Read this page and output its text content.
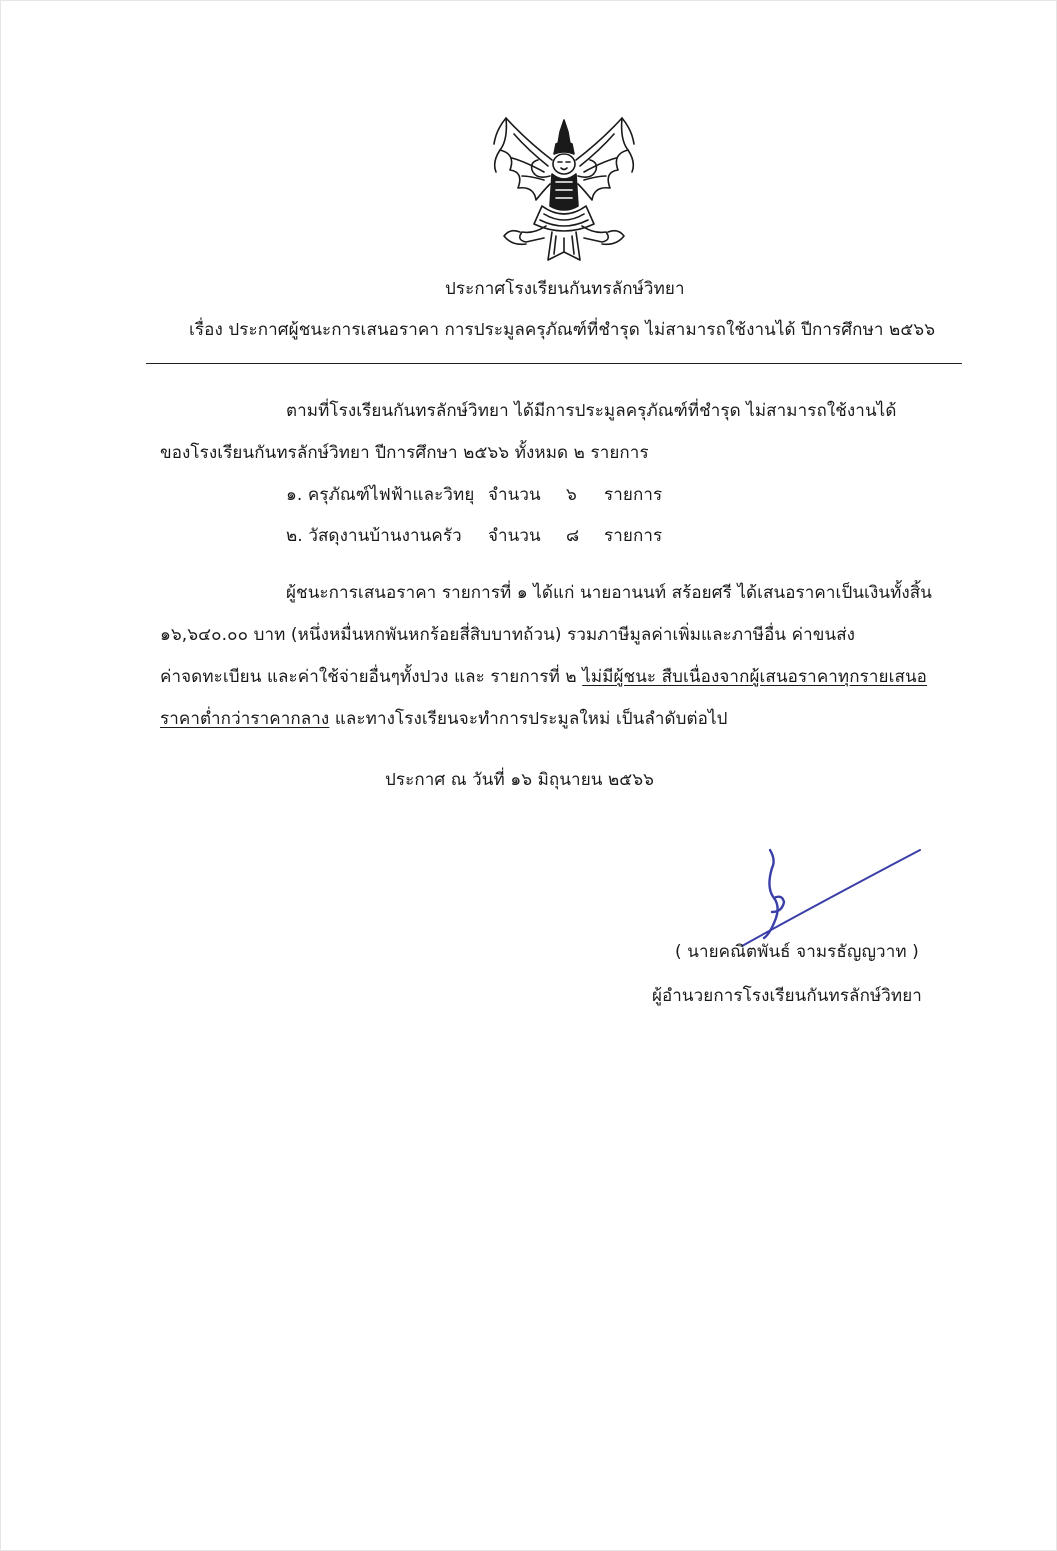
ประกาศโรงเรียนกันทรลักษ์วิทยา
เรื่อง ประกาศผู้ชนะการเสนอราคา การประมูลครุภัณฑ์ที่ชำรุด ไม่สามารถใช้งานได้ ปีการศึกษา ๒๕๖๖
ตามที่โรงเรียนกันทรลักษ์วิทยา ได้มีการประมูลครุภัณฑ์ที่ชำรุด ไม่สามารถใช้งานได้
ของโรงเรียนกันทรลักษ์วิทยา ปีการศึกษา ๒๕๖๖ ทั้งหมด ๒ รายการ
๑. ครุภัณฑ์ไฟฟ้าและวิทยุ จำนวน ๖ รายการ
๒. วัสดุงานบ้านงานครัว จำนวน ๘ รายการ
ผู้ชนะการเสนอราคา รายการที่ ๑ ได้แก่ นายอานนท์ สร้อยศรี ได้เสนอราคาเป็นเงินทั้งสิ้น
๑๖,๖๔๐.๐๐ บาท (หนึ่งหมื่นหกพันหกร้อยสี่สิบบาทถ้วน) รวมภาษีมูลค่าเพิ่มและภาษีอื่น ค่าขนส่ง
ค่าจดทะเบียน และค่าใช้จ่ายอื่นๆทั้งปวง และ รายการที่ ๒ ไม่มีผู้ชนะ สืบเนื่องจากผู้เสนอราคาทุกรายเสนอ
ราคาต่ำกว่าราคากลาง และทางโรงเรียนจะทำการประมูลใหม่ เป็นลำดับต่อไป
ประกาศ ณ วันที่ ๑๖ มิถุนายน ๒๕๖๖
( นายคณิตพันธ์ จามรธัญญวาท )
ผู้อำนวยการโรงเรียนกันทรลักษ์วิทยา
